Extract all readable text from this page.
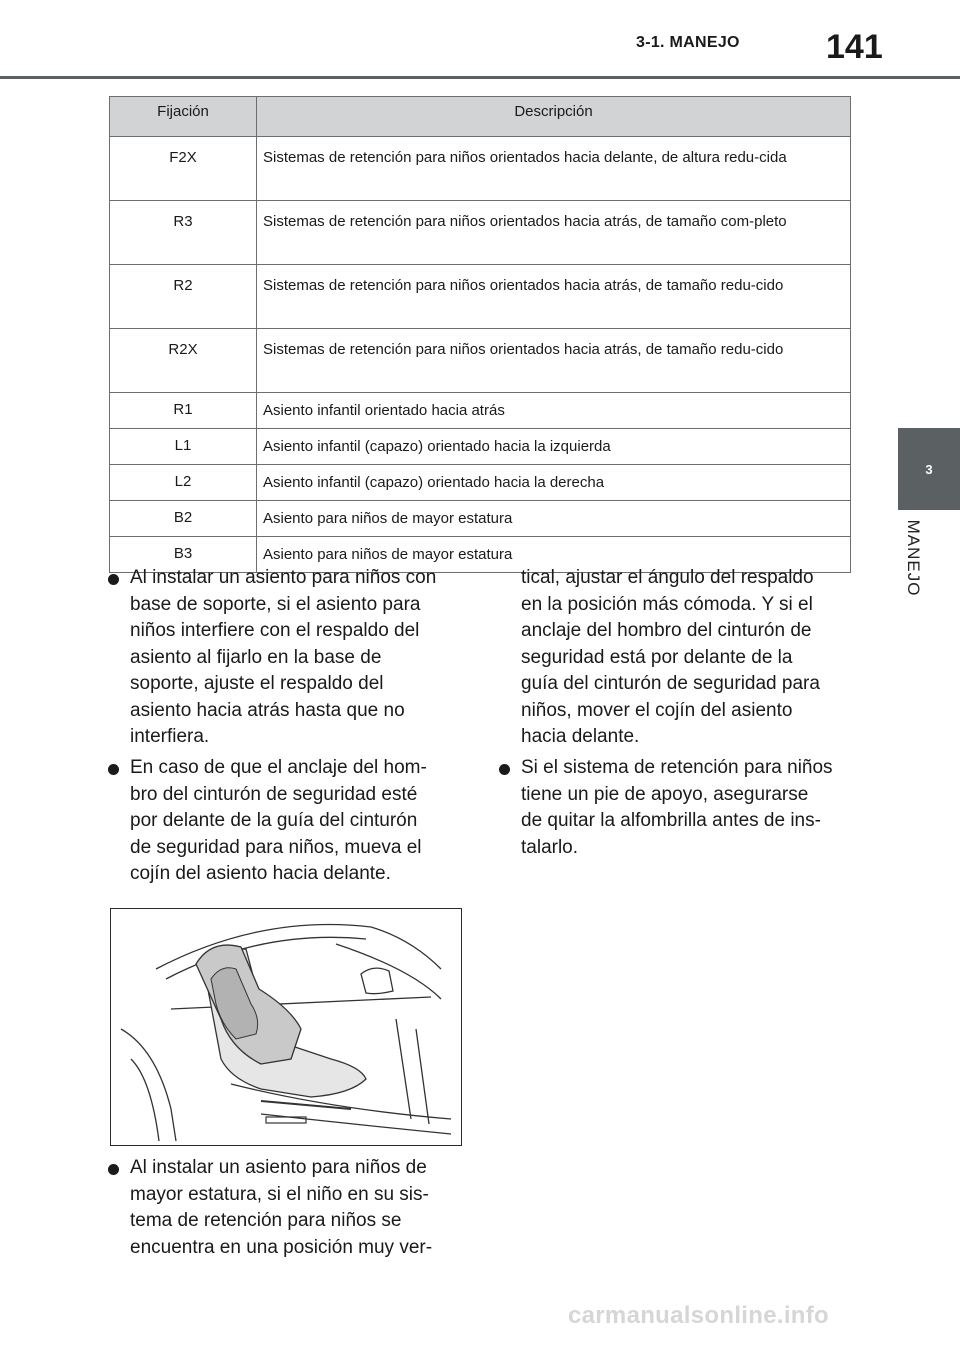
3-1. MANEJO	141
3
MANEJO
Fijación	Descripción
F2X	Sistemas de retención para niños orientados hacia delante, de altura redu-cida
R3	Sistemas de retención para niños orientados hacia atrás, de tamaño com-pleto
R2	Sistemas de retención para niños orientados hacia atrás, de tamaño redu-cido
R2X	Sistemas de retención para niños orientados hacia atrás, de tamaño redu-cido
R1	Asiento infantil orientado hacia atrás
L1	Asiento infantil (capazo) orientado hacia la izquierda
L2	Asiento infantil (capazo) orientado hacia la derecha
B2	Asiento para niños de mayor estatura
B3	Asiento para niños de mayor estatura
Al instalar un asiento para niños con
base de soporte, si el asiento para
niños interfiere con el respaldo del
asiento al fijarlo en la base de
soporte, ajuste el respaldo del
asiento hacia atrás hasta que no
interfiera.
En caso de que el anclaje del hom-
bro del cinturón de seguridad esté
por delante de la guía del cinturón
de seguridad para niños, mueva el
cojín del asiento hacia delante.
Al instalar un asiento para niños de
mayor estatura, si el niño en su sis-
tema de retención para niños se
encuentra en una posición muy ver-
tical, ajustar el ángulo del respaldo
en la posición más cómoda. Y si el
anclaje del hombro del cinturón de
seguridad está por delante de la
guía del cinturón de seguridad para
niños, mover el cojín del asiento
hacia delante.
Si el sistema de retención para niños
tiene un pie de apoyo, asegurarse
de quitar la alfombrilla antes de ins-
talarlo.
carmanualsonline.info
